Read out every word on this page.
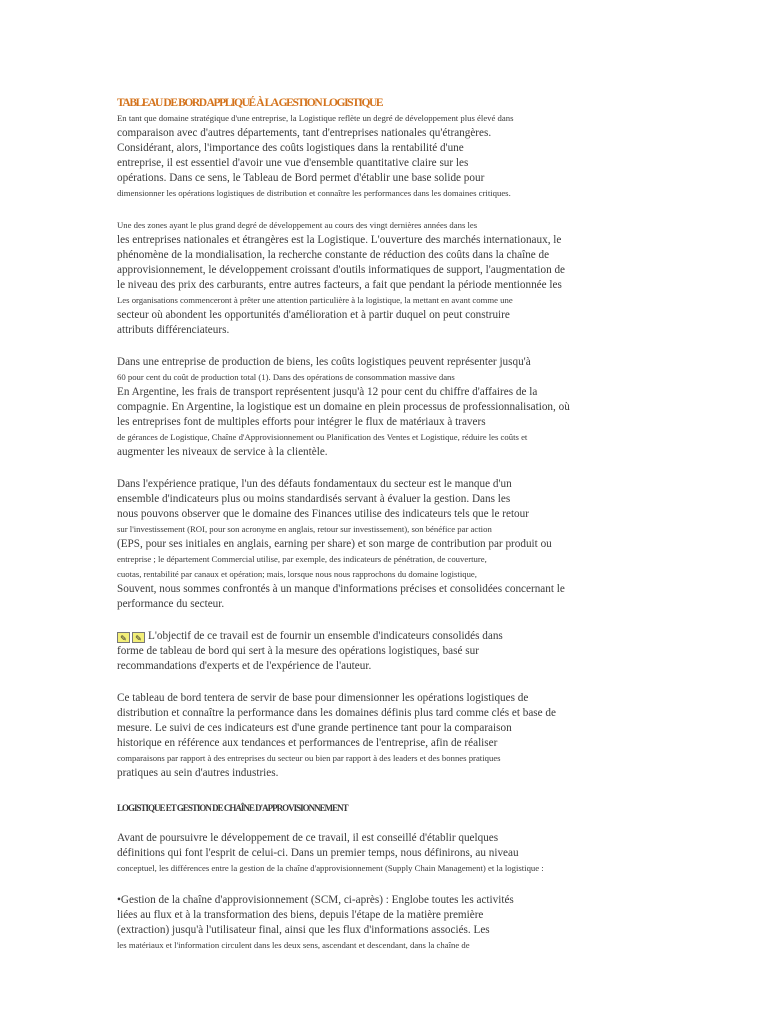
TABLEAU DE BORD APPLIQUÉ À LA GESTION LOGISTIQUE
En tant que domaine stratégique d'une entreprise, la Logistique reflète un degré de développement plus élevé dans
comparaison avec d'autres départements, tant d'entreprises nationales qu'étrangères.
Considérant, alors, l'importance des coûts logistiques dans la rentabilité d'une
entreprise, il est essentiel d'avoir une vue d'ensemble quantitative claire sur les
opérations. Dans ce sens, le Tableau de Bord permet d'établir une base solide pour
dimensionner les opérations logistiques de distribution et connaître les performances dans les domaines critiques.
Une des zones ayant le plus grand degré de développement au cours des vingt dernières années dans les
les entreprises nationales et étrangères est la Logistique. L'ouverture des marchés internationaux, le
phénomène de la mondialisation, la recherche constante de réduction des coûts dans la chaîne de
approvisionnement, le développement croissant d'outils informatiques de support, l'augmentation de
le niveau des prix des carburants, entre autres facteurs, a fait que pendant la période mentionnée les
Les organisations commenceront à prêter une attention particulière à la logistique, la mettant en avant comme une
secteur où abondent les opportunités d'amélioration et à partir duquel on peut construire
attributs différenciateurs.
Dans une entreprise de production de biens, les coûts logistiques peuvent représenter jusqu'à
60 pour cent du coût de production total (1). Dans des opérations de consommation massive dans
En Argentine, les frais de transport représentent jusqu'à 12 pour cent du chiffre d'affaires de la
compagnie. En Argentine, la logistique est un domaine en plein processus de professionnalisation, où
les entreprises font de multiples efforts pour intégrer le flux de matériaux à travers
de gérances de Logistique, Chaîne d'Approvisionnement ou Planification des Ventes et Logistique, réduire les coûts et
augmenter les niveaux de service à la clientèle.
Dans l'expérience pratique, l'un des défauts fondamentaux du secteur est le manque d'un
ensemble d'indicateurs plus ou moins standardisés servant à évaluer la gestion. Dans les
nous pouvons observer que le domaine des Finances utilise des indicateurs tels que le retour
sur l'investissement (ROI, pour son acronyme en anglais, retour sur investissement), son bénéfice par action
(EPS, pour ses initiales en anglais, earning per share) et son marge de contribution par produit ou
entreprise ; le département Commercial utilise, par exemple, des indicateurs de pénétration, de couverture,
cuotas, rentabilité par canaux et opération; mais, lorsque nous nous rapprochons du domaine logistique,
Souvent, nous sommes confrontés à un manque d'informations précises et consolidées concernant le
performance du secteur.
✎ ✎ L'objectif de ce travail est de fournir un ensemble d'indicateurs consolidés dans
forme de tableau de bord qui sert à la mesure des opérations logistiques, basé sur
recommandations d'experts et de l'expérience de l'auteur.
Ce tableau de bord tentera de servir de base pour dimensionner les opérations logistiques de
distribution et connaître la performance dans les domaines définis plus tard comme clés et base de
mesure. Le suivi de ces indicateurs est d'une grande pertinence tant pour la comparaison
historique en référence aux tendances et performances de l'entreprise, afin de réaliser
comparaisons par rapport à des entreprises du secteur ou bien par rapport à des leaders et des bonnes pratiques
pratiques au sein d'autres industries.
LOGISTIQUE ET GESTION DE CHAÎNE D'APPROVISIONNEMENT
Avant de poursuivre le développement de ce travail, il est conseillé d'établir quelques
définitions qui font l'esprit de celui-ci. Dans un premier temps, nous définirons, au niveau
conceptuel, les différences entre la gestion de la chaîne d'approvisionnement (Supply Chain Management) et la logistique :
•Gestion de la chaîne d'approvisionnement (SCM, ci-après) : Englobe toutes les activités
liées au flux et à la transformation des biens, depuis l'étape de la matière première
(extraction) jusqu'à l'utilisateur final, ainsi que les flux d'informations associés. Les
les matériaux et l'information circulent dans les deux sens, ascendant et descendant, dans la chaîne de
